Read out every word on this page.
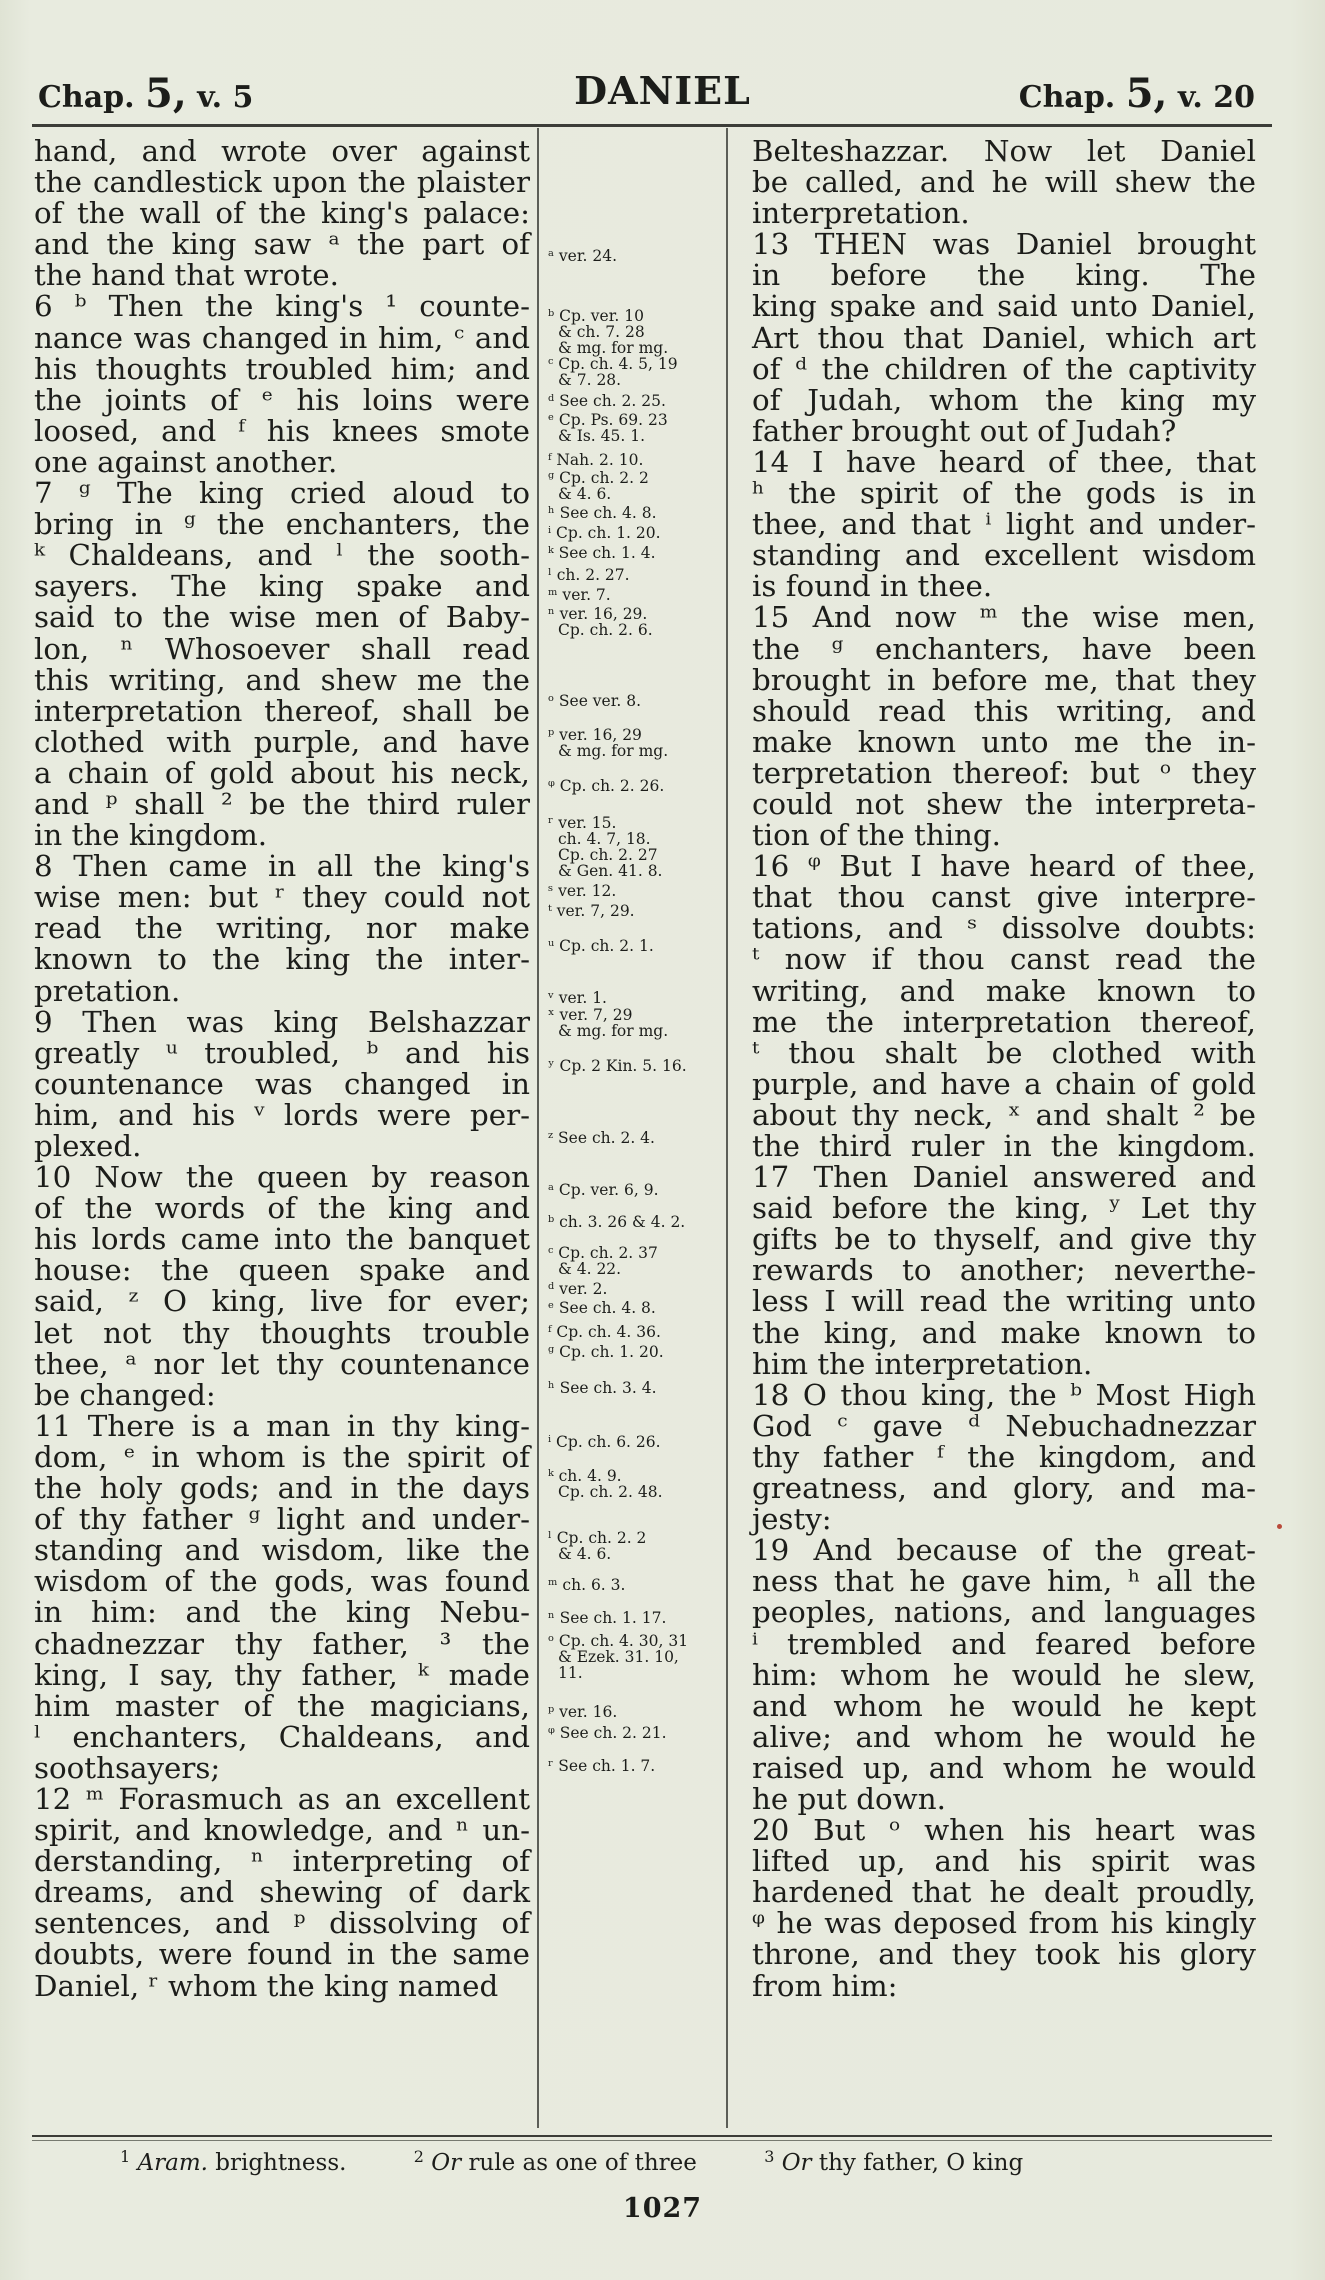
Chap. 5, v. 5	DANIEL	Chap. 5, v. 20
hand, and wrote over against
the candlestick upon the plaister
of the wall of the king's palace:
and the king saw ᵃ the part of
the hand that wrote.
6 ᵇ Then the king's ¹ counte-
nance was changed in him, ᶜ and
his thoughts troubled him; and
the joints of ᵉ his loins were
loosed, and ᶠ his knees smote
one against another.
7 ᵍ The king cried aloud to
bring in ᵍ the enchanters, the
ᵏ Chaldeans, and ˡ the sooth-
sayers. The king spake and
said to the wise men of Baby-
lon, ⁿ Whosoever shall read
this writing, and shew me the
interpretation thereof, shall be
clothed with purple, and have
a chain of gold about his neck,
and ᵖ shall ² be the third ruler
in the kingdom.
8 Then came in all the king's
wise men: but ʳ they could not
read the writing, nor make
known to the king the inter-
pretation.
9 Then was king Belshazzar
greatly ᵘ troubled, ᵇ and his
countenance was changed in
him, and his ᵛ lords were per-
plexed.
10 Now the queen by reason
of the words of the king and
his lords came into the banquet
house: the queen spake and
said, ᶻ O king, live for ever;
let not thy thoughts trouble
thee, ᵃ nor let thy countenance
be changed:
11 There is a man in thy king-
dom, ᵉ in whom is the spirit of
the holy gods; and in the days
of thy father ᵍ light and under-
standing and wisdom, like the
wisdom of the gods, was found
in him: and the king Nebu-
chadnezzar thy father, ³ the
king, I say, thy father, ᵏ made
him master of the magicians,
ˡ enchanters, Chaldeans, and
soothsayers;
12 ᵐ Forasmuch as an excellent
spirit, and knowledge, and ⁿ un-
derstanding, ⁿ interpreting of
dreams, and shewing of dark
sentences, and ᵖ dissolving of
doubts, were found in the same
Daniel, ʳ whom the king named
ᵃ ver. 24.
ᵇ Cp. ver. 10
& ch. 7. 28
& mg. for mg.
ᶜ Cp. ch. 4. 5, 19
& 7. 28.
ᵈ See ch. 2. 25.
ᵉ Cp. Ps. 69. 23
& Is. 45. 1.
ᶠ Nah. 2. 10.
ᵍ Cp. ch. 2. 2
& 4. 6.
ʰ See ch. 4. 8.
ⁱ Cp. ch. 1. 20.
ᵏ See ch. 1. 4.
ˡ ch. 2. 27.
ᵐ ver. 7.
ⁿ ver. 16, 29.
Cp. ch. 2. 6.
ᵒ See ver. 8.
ᵖ ver. 16, 29
& mg. for mg.
ᵠ Cp. ch. 2. 26.
ʳ ver. 15.
ch. 4. 7, 18.
Cp. ch. 2. 27
& Gen. 41. 8.
ˢ ver. 12.
ᵗ ver. 7, 29.
ᵘ Cp. ch. 2. 1.
ᵛ ver. 1.
ˣ ver. 7, 29
& mg. for mg.
ʸ Cp. 2 Kin. 5. 16.
ᶻ See ch. 2. 4.
ᵃ Cp. ver. 6, 9.
ᵇ ch. 3. 26 & 4. 2.
ᶜ Cp. ch. 2. 37
& 4. 22.
ᵈ ver. 2.
ᵉ See ch. 4. 8.
ᶠ Cp. ch. 4. 36.
ᵍ Cp. ch. 1. 20.
ʰ See ch. 3. 4.
ⁱ Cp. ch. 6. 26.
ᵏ ch. 4. 9.
Cp. ch. 2. 48.
ˡ Cp. ch. 2. 2
& 4. 6.
ᵐ ch. 6. 3.
ⁿ See ch. 1. 17.
ᵒ Cp. ch. 4. 30, 31
& Ezek. 31. 10,
11.
ᵖ ver. 16.
ᵠ See ch. 2. 21.
ʳ See ch. 1. 7.
Belteshazzar. Now let Daniel
be called, and he will shew the
interpretation.
13 THEN was Daniel brought
in before the king. The
king spake and said unto Daniel,
Art thou that Daniel, which art
of ᵈ the children of the captivity
of Judah, whom the king my
father brought out of Judah?
14 I have heard of thee, that
ʰ the spirit of the gods is in
thee, and that ⁱ light and under-
standing and excellent wisdom
is found in thee.
15 And now ᵐ the wise men,
the ᵍ enchanters, have been
brought in before me, that they
should read this writing, and
make known unto me the in-
terpretation thereof: but ᵒ they
could not shew the interpreta-
tion of the thing.
16 ᵠ But I have heard of thee,
that thou canst give interpre-
tations, and ˢ dissolve doubts:
ᵗ now if thou canst read the
writing, and make known to
me the interpretation thereof,
ᵗ thou shalt be clothed with
purple, and have a chain of gold
about thy neck, ˣ and shalt ² be
the third ruler in the kingdom.
17 Then Daniel answered and
said before the king, ʸ Let thy
gifts be to thyself, and give thy
rewards to another; neverthe-
less I will read the writing unto
the king, and make known to
him the interpretation.
18 O thou king, the ᵇ Most High
God ᶜ gave ᵈ Nebuchadnezzar
thy father ᶠ the kingdom, and
greatness, and glory, and ma-
jesty:
19 And because of the great-
ness that he gave him, ʰ all the
peoples, nations, and languages
ⁱ trembled and feared before
him: whom he would he slew,
and whom he would he kept
alive; and whom he would he
raised up, and whom he would
he put down.
20 But ᵒ when his heart was
lifted up, and his spirit was
hardened that he dealt proudly,
ᵠ he was deposed from his kingly
throne, and they took his glory
from him:
$^1$ Aram. brightness.	$^2$ Or rule as one of three	$^3$ Or thy father, O king
1027
